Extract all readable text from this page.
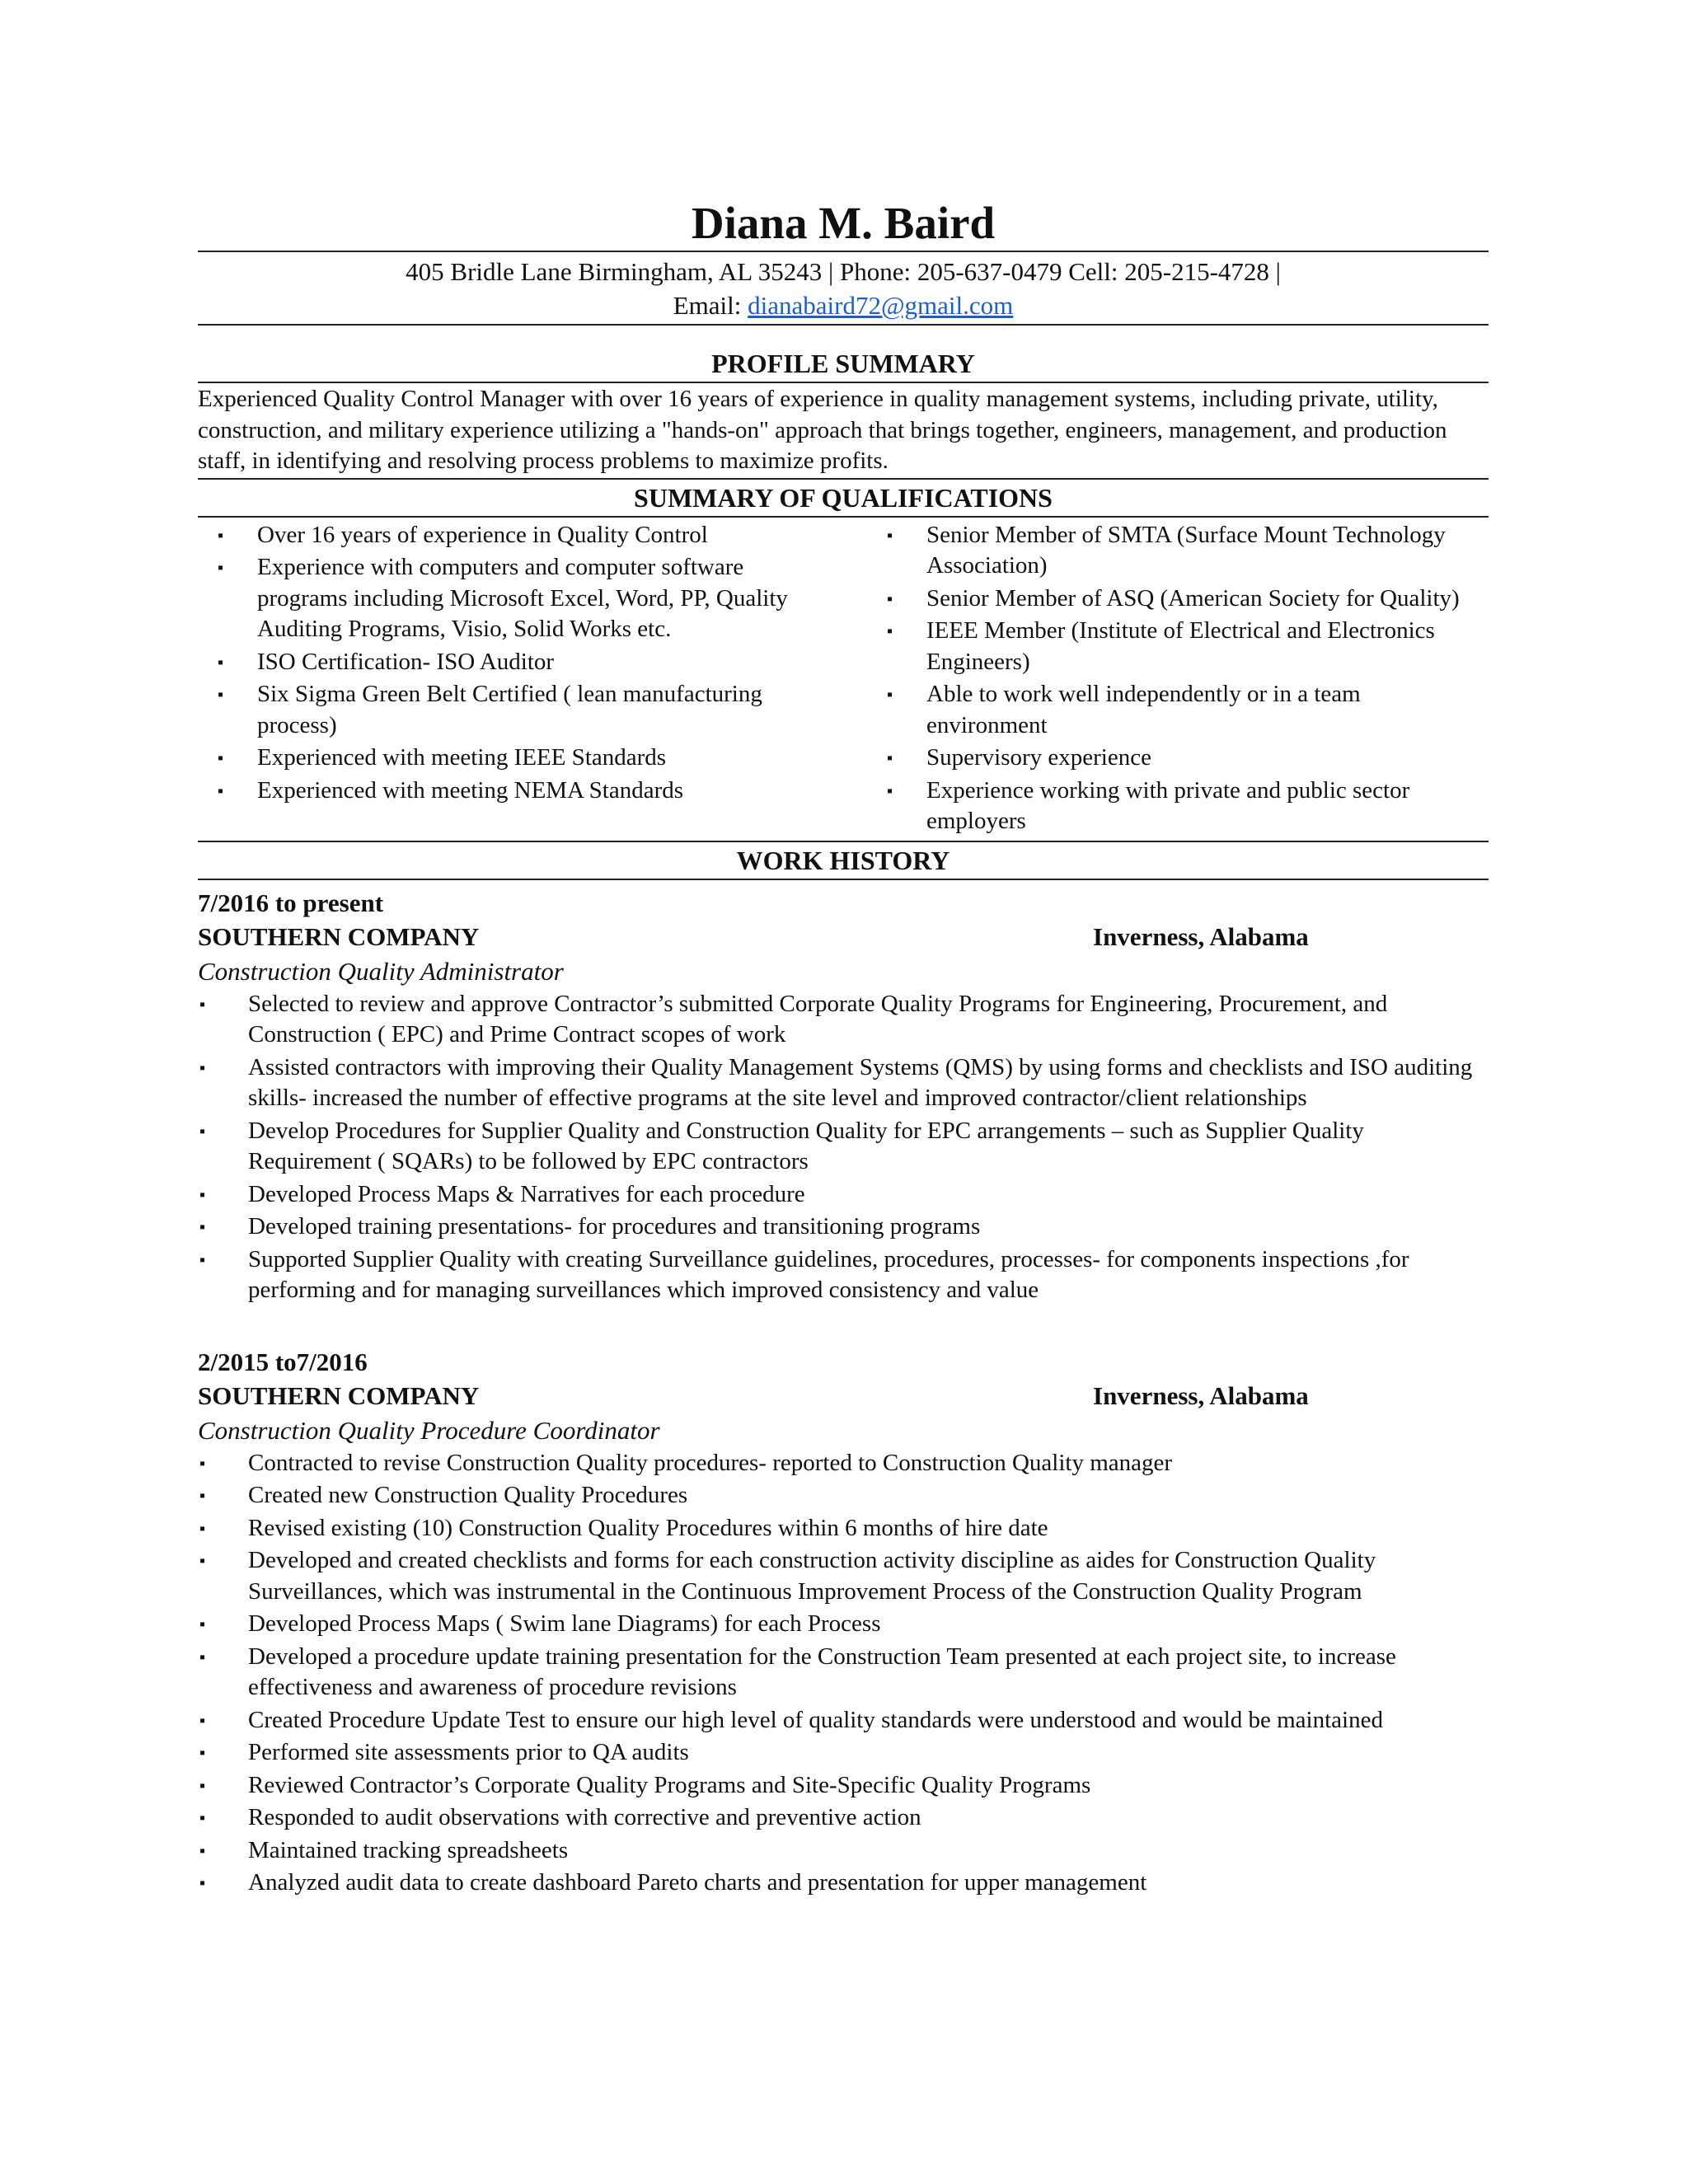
Diana M. Baird
405 Bridle Lane Birmingham, AL 35243 | Phone: 205-637-0479 Cell: 205-215-4728 |
Email: dianabaird72@gmail.com
PROFILE SUMMARY
Experienced Quality Control Manager with over 16 years of experience in quality management systems, including private, utility, construction, and military experience utilizing a "hands-on" approach that brings together, engineers, management, and production staff, in identifying and resolving process problems to maximize profits.
SUMMARY OF QUALIFICATIONS
▪	Over 16 years of experience in Quality Control
▪	Experience with computers and computer software programs including Microsoft Excel, Word, PP, Quality Auditing Programs, Visio, Solid Works etc.
▪	ISO Certification- ISO Auditor
▪	Six Sigma Green Belt Certified ( lean manufacturing process)
▪	Experienced with meeting IEEE Standards
▪	Experienced with meeting NEMA Standards
▪	Senior Member of SMTA (Surface Mount Technology Association)
▪	Senior Member of ASQ (American Society for Quality)
▪	IEEE Member (Institute of Electrical and Electronics Engineers)
▪	Able to work well independently or in a team environment
▪	Supervisory experience
▪	Experience working with private and public sector employers
WORK HISTORY
7/2016 to present
SOUTHERN COMPANY	Inverness, Alabama
Construction Quality Administrator
▪	Selected to review and approve Contractor’s submitted Corporate Quality Programs for Engineering, Procurement, and Construction ( EPC) and Prime Contract scopes of work
▪	Assisted contractors with improving their Quality Management Systems (QMS) by using forms and checklists and ISO auditing skills- increased the number of effective programs at the site level and improved contractor/client relationships
▪	Develop Procedures for Supplier Quality and Construction Quality for EPC arrangements – such as Supplier Quality Requirement ( SQARs) to be followed by EPC contractors
▪	Developed Process Maps & Narratives for each procedure
▪	Developed training presentations- for procedures and transitioning programs
▪	Supported Supplier Quality with creating Surveillance guidelines, procedures, processes- for components inspections ,for performing and for managing surveillances which improved consistency and value
2/2015 to7/2016
SOUTHERN COMPANY	Inverness, Alabama
Construction Quality Procedure Coordinator
▪	Contracted to revise Construction Quality procedures- reported to Construction Quality manager
▪	Created new Construction Quality Procedures
▪	Revised existing (10) Construction Quality Procedures within 6 months of hire date
▪	Developed and created checklists and forms for each construction activity discipline as aides for Construction Quality Surveillances, which was instrumental in the Continuous Improvement Process of the Construction Quality Program
▪	Developed Process Maps ( Swim lane Diagrams) for each Process
▪	Developed a procedure update training presentation for the Construction Team presented at each project site, to increase effectiveness and awareness of procedure revisions
▪	Created Procedure Update Test to ensure our high level of quality standards were understood and would be maintained
▪	Performed site assessments prior to QA audits
▪	Reviewed Contractor’s Corporate Quality Programs and Site-Specific Quality Programs
▪	Responded to audit observations with corrective and preventive action
▪	Maintained tracking spreadsheets
▪	Analyzed audit data to create dashboard Pareto charts and presentation for upper management
